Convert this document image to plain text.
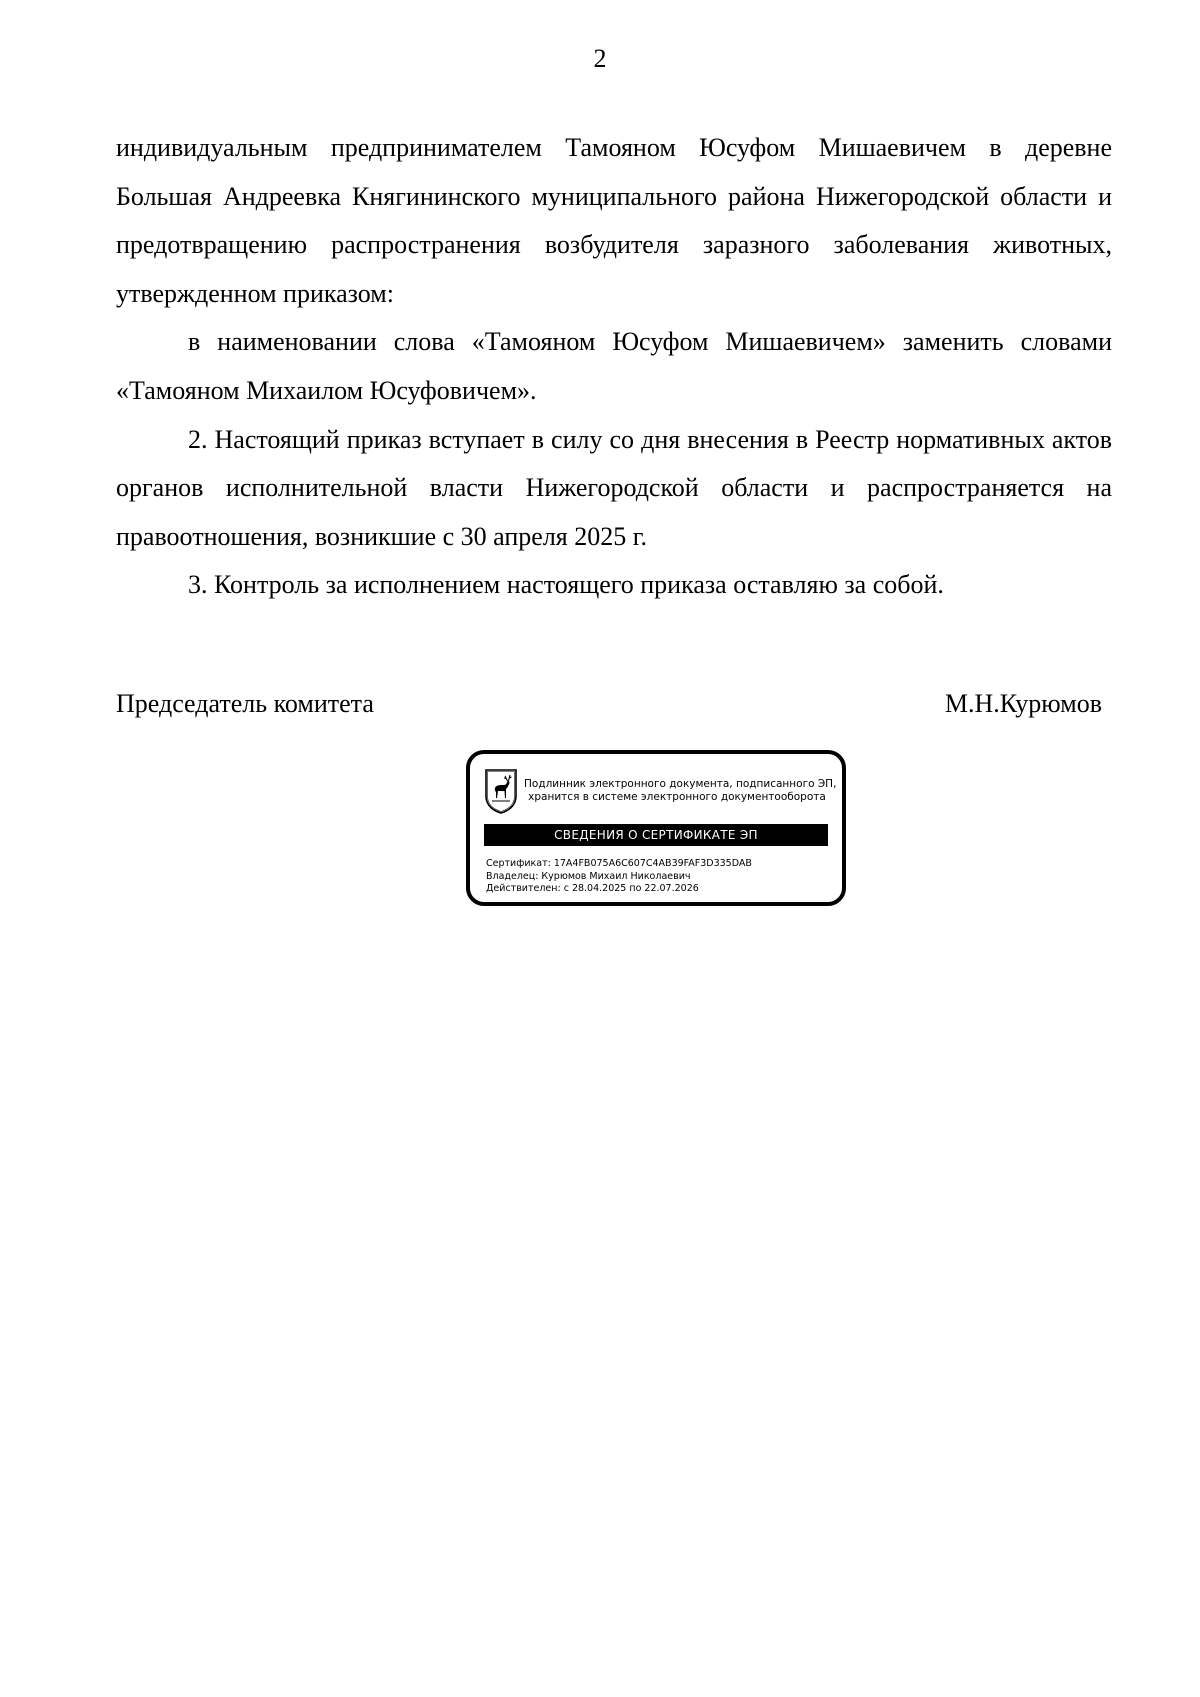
2

индивидуальным предпринимателем Тамояном Юсуфом Мишаевичем в деревне Большая Андреевка Княгининского муниципального района Нижегородской области и предотвращению распространения возбудителя заразного заболевания животных, утвержденном приказом:

в наименовании слова «Тамояном Юсуфом Мишаевичем» заменить словами «Тамояном Михаилом Юсуфовичем».

2. Настоящий приказ вступает в силу со дня внесения в Реестр нормативных актов органов исполнительной власти Нижегородской области и распространяется на правоотношения, возникшие с 30 апреля 2025 г.

3. Контроль за исполнением настоящего приказа оставляю за собой.

Председатель комитета	М.Н.Курюмов
Подлинник электронного документа, подписанного ЭП,
хранится в системе электронного документооборота
СВЕДЕНИЯ О СЕРТИФИКАТЕ ЭП
Сертификат: 17A4FB075A6C607C4AB39FAF3D335DAB
Владелец: Курюмов Михаил Николаевич
Действителен: с 28.04.2025 по 22.07.2026
